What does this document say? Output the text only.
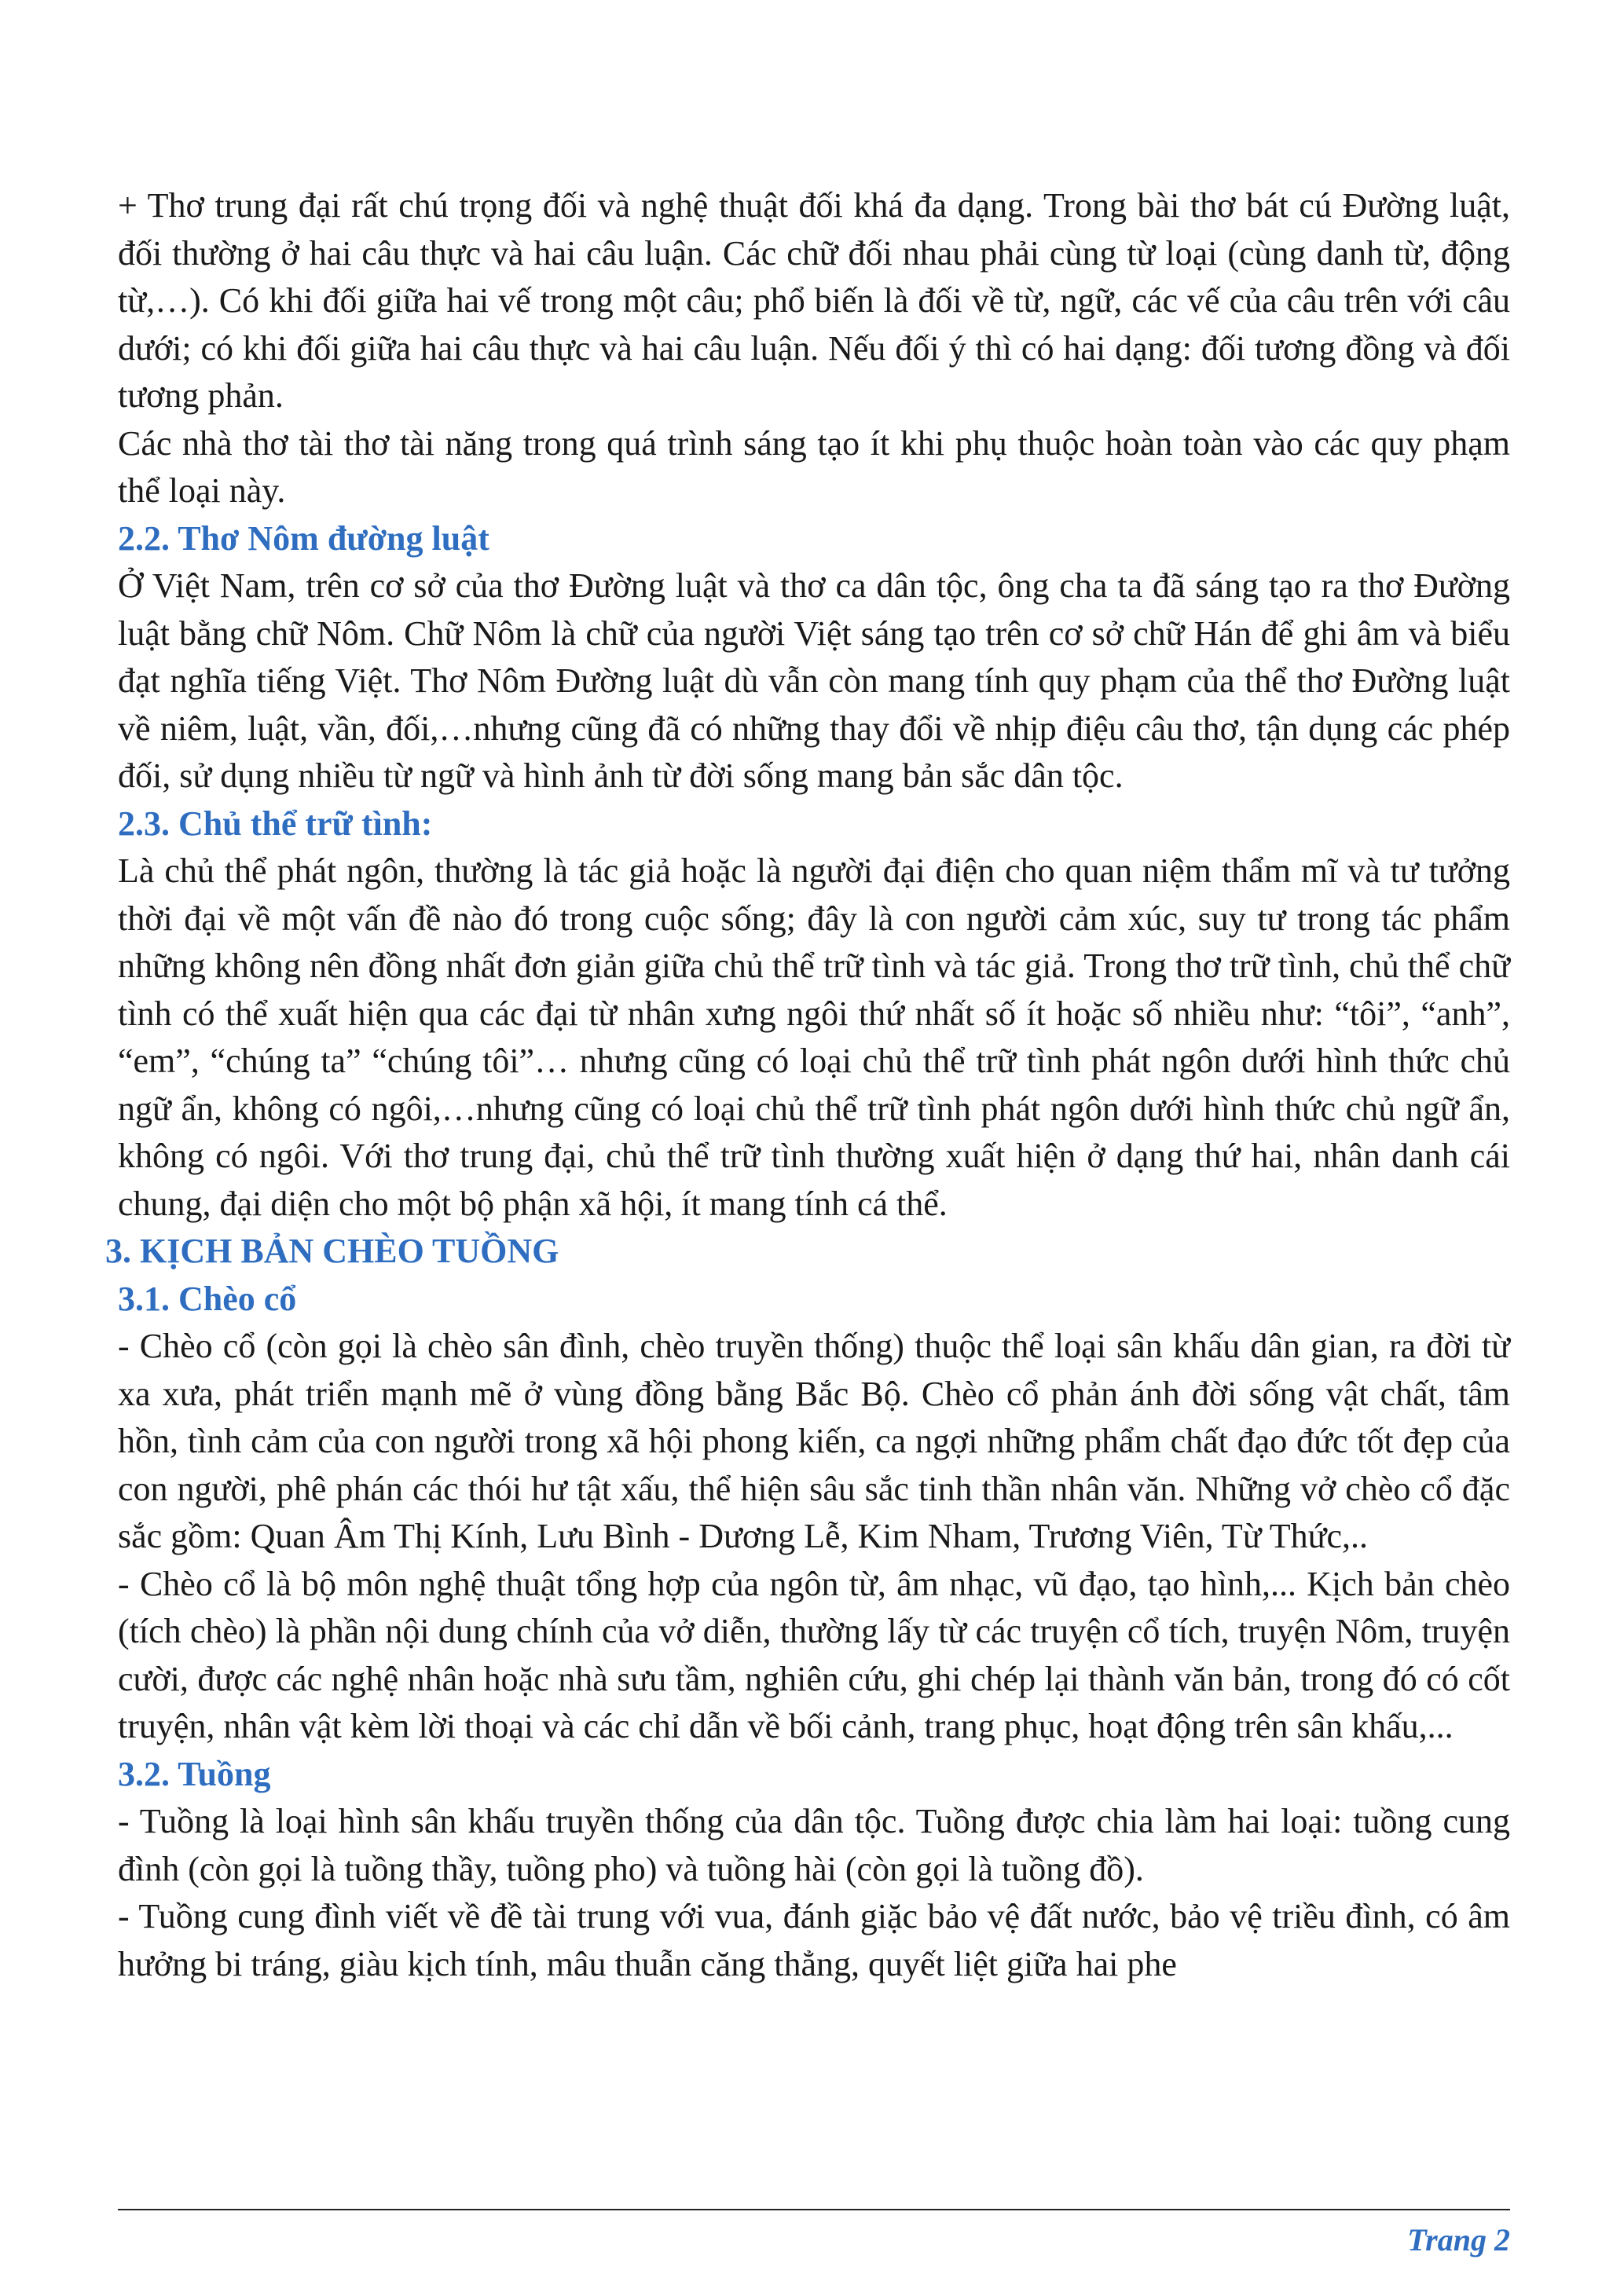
+ Thơ trung đại rất chú trọng đối và nghệ thuật đối khá đa dạng. Trong bài thơ bát cú Đường luật, đối thường ở hai câu thực và hai câu luận. Các chữ đối nhau phải cùng từ loại (cùng danh từ, động từ,…). Có khi đối giữa hai vế trong một câu; phổ biến là đối về từ, ngữ, các vế của câu trên với câu dưới; có khi đối giữa hai câu thực và hai câu luận. Nếu đối ý thì có hai dạng: đối tương đồng và đối tương phản.

Các nhà thơ tài thơ tài năng trong quá trình sáng tạo ít khi phụ thuộc hoàn toàn vào các quy phạm thể loại này.

2.2. Thơ Nôm đường luật

Ở Việt Nam, trên cơ sở của thơ Đường luật và thơ ca dân tộc, ông cha ta đã sáng tạo ra thơ Đường luật bằng chữ Nôm. Chữ Nôm là chữ của người Việt sáng tạo trên cơ sở chữ Hán để ghi âm và biểu đạt nghĩa tiếng Việt. Thơ Nôm Đường luật dù vẫn còn mang tính quy phạm của thể thơ Đường luật về niêm, luật, vần, đối,…nhưng cũng đã có những thay đổi về nhịp điệu câu thơ, tận dụng các phép đối, sử dụng nhiều từ ngữ và hình ảnh từ đời sống mang bản sắc dân tộc.

2.3. Chủ thể trữ tình:

Là chủ thể phát ngôn, thường là tác giả hoặc là người đại điện cho quan niệm thẩm mĩ và tư tưởng thời đại về một vấn đề nào đó trong cuộc sống; đây là con người cảm xúc, suy tư trong tác phẩm những không nên đồng nhất đơn giản giữa chủ thể trữ tình và tác giả. Trong thơ trữ tình, chủ thể chữ tình có thể xuất hiện qua các đại từ nhân xưng ngôi thứ nhất số ít hoặc số nhiều như: “tôi”, “anh”, “em”, “chúng ta” “chúng tôi”… nhưng cũng có loại chủ thể trữ tình phát ngôn dưới hình thức chủ ngữ ẩn, không có ngôi,…nhưng cũng có loại chủ thể trữ tình phát ngôn dưới hình thức chủ ngữ ẩn, không có ngôi. Với thơ trung đại, chủ thể trữ tình thường xuất hiện ở dạng thứ hai, nhân danh cái chung, đại diện cho một bộ phận xã hội, ít mang tính cá thể.

3. KỊCH BẢN CHÈO TUỒNG
3.1. Chèo cổ

- Chèo cổ (còn gọi là chèo sân đình, chèo truyền thống) thuộc thể loại sân khấu dân gian, ra đời từ xa xưa, phát triển mạnh mẽ ở vùng đồng bằng Bắc Bộ. Chèo cổ phản ánh đời sống vật chất, tâm hồn, tình cảm của con người trong xã hội phong kiến, ca ngợi những phẩm chất đạo đức tốt đẹp của con người, phê phán các thói hư tật xấu, thể hiện sâu sắc tinh thần nhân văn. Những vở chèo cổ đặc sắc gồm: Quan Âm Thị Kính, Lưu Bình - Dương Lễ, Kim Nham, Trương Viên, Từ Thức,..

- Chèo cổ là bộ môn nghệ thuật tổng hợp của ngôn từ, âm nhạc, vũ đạo, tạo hình,... Kịch bản chèo (tích chèo) là phần nội dung chính của vở diễn, thường lấy từ các truyện cổ tích, truyện Nôm, truyện cười, được các nghệ nhân hoặc nhà sưu tầm, nghiên cứu, ghi chép lại thành văn bản, trong đó có cốt truyện, nhân vật kèm lời thoại và các chỉ dẫn về bối cảnh, trang phục, hoạt động trên sân khấu,...

3.2. Tuồng

- Tuồng là loại hình sân khấu truyền thống của dân tộc. Tuồng được chia làm hai loại: tuồng cung đình (còn gọi là tuồng thầy, tuồng pho) và tuồng hài (còn gọi là tuồng đồ).

- Tuồng cung đình viết về đề tài trung với vua, đánh giặc bảo vệ đất nước, bảo vệ triều đình, có âm hưởng bi tráng, giàu kịch tính, mâu thuẫn căng thẳng, quyết liệt giữa hai phe

Trang 2
